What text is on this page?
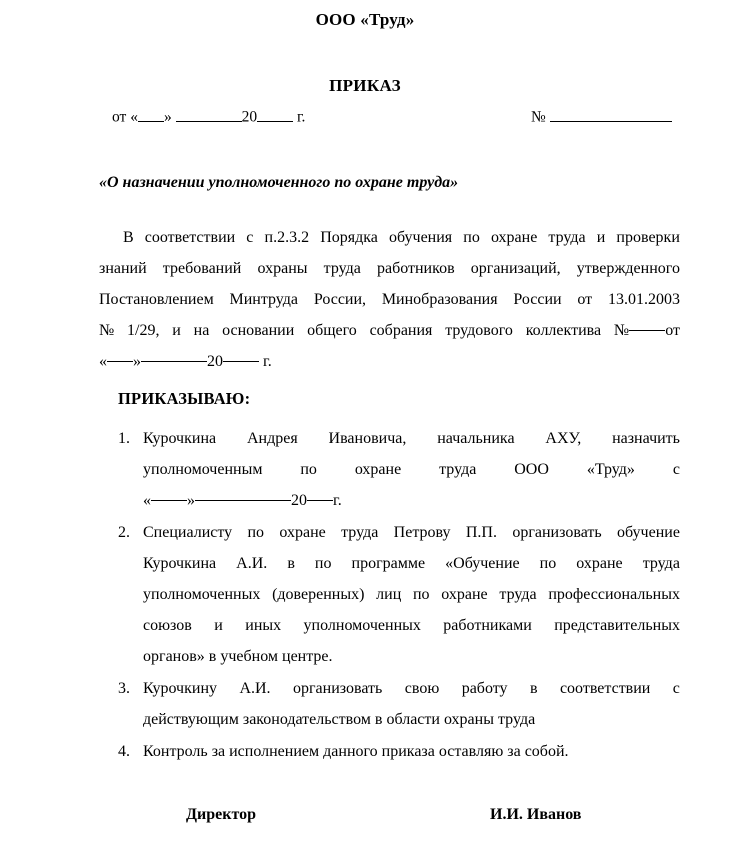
ООО «Труд»
ПРИКАЗ
от « »	20	г.	№
«О назначении уполномоченного по охране труда»
В соответствии с п.2.3.2 Порядка обучения по охране труда и проверки
знаний требований охраны труда работников организаций, утвержденного
Постановлением Минтруда России, Минобразования России от 13.01.2003
№ 1/29, и на основании общего собрания трудового коллектива № от
« »	20	г.
ПРИКАЗЫВАЮ:
1. Курочкина Андрея Ивановича, начальника АХУ, назначить
уполномоченным по охране труда ООО «Труд» с
« »	20 г.
2. Специалисту по охране труда Петрову П.П. организовать обучение
Курочкина А.И. в по программе «Обучение по охране труда
уполномоченных (доверенных) лиц по охране труда профессиональных
союзов и иных уполномоченных работниками представительных
органов» в учебном центре.
3. Курочкину А.И. организовать свою работу в соответствии с
действующим законодательством в области охраны труда
4. Контроль за исполнением данного приказа оставляю за собой.
Директор	И.И. Иванов
